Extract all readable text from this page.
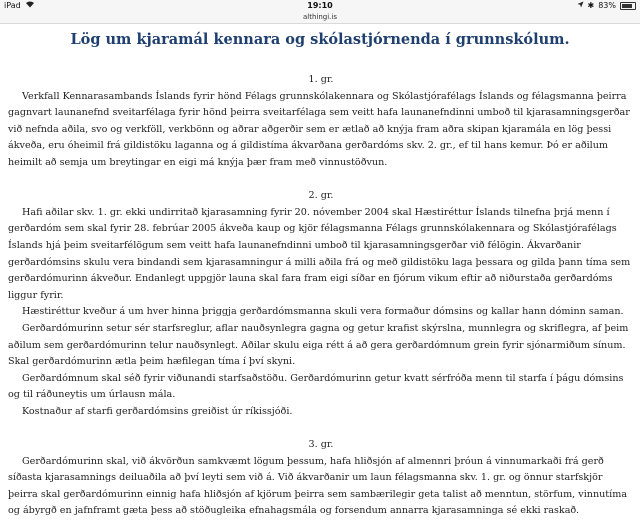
iPad	19:10	✱ 83%
althingi.is
Lög um kjaramál kennara og skólastjórnenda í grunnskólum.

1. gr.

Verkfall Kennarasambands Íslands fyrir hönd Félags grunnskólakennara og Skólastjórafélags Íslands og félagsmanna þeirra gagnvart launanefnd sveitarfélaga fyrir hönd þeirra sveitarfélaga sem veitt hafa launanefndinni umboð til kjarasamningsgerðar við nefnda aðila, svo og verkföll, verkbönn og aðrar aðgerðir sem er ætlað að knýja fram aðra skipan kjaramála en lög þessi ákveða, eru óheimil frá gildistöku laganna og á gildistíma ákvarðana gerðardóms skv. 2. gr., ef til hans kemur. Þó er aðilum heimilt að semja um breytingar en eigi má knýja þær fram með vinnustöðvun.

2. gr.

Hafi aðilar skv. 1. gr. ekki undirritað kjarasamning fyrir 20. nóvember 2004 skal Hæstiréttur Íslands tilnefna þrjá menn í gerðardóm sem skal fyrir 28. febrúar 2005 ákveða kaup og kjör félagsmanna Félags grunnskólakennara og Skólastjórafélags Íslands hjá þeim sveitarfélögum sem veitt hafa launanefndinni umboð til kjarasamningsgerðar við félögin. Ákvarðanir gerðardómsins skulu vera bindandi sem kjarasamningur á milli aðila frá og með gildistöku laga þessara og gilda þann tíma sem gerðardómurinn ákveður. Endanlegt uppgjör launa skal fara fram eigi síðar en fjórum vikum eftir að niðurstaða gerðardóms liggur fyrir.

Hæstiréttur kveður á um hver hinna þriggja gerðardómsmanna skuli vera formaður dómsins og kallar hann dóminn saman.

Gerðardómurinn setur sér starfsreglur, aflar nauðsynlegra gagna og getur krafist skýrslna, munnlegra og skriflegra, af þeim aðilum sem gerðardómurinn telur nauðsynlegt. Aðilar skulu eiga rétt á að gera gerðardómnum grein fyrir sjónarmiðum sínum. Skal gerðardómurinn ætla þeim hæfilegan tíma í því skyni.

Gerðardómnum skal séð fyrir viðunandi starfsaðstöðu. Gerðardómurinn getur kvatt sérfróða menn til starfa í þágu dómsins og til ráðuneytis um úrlausn mála.

Kostnaður af starfi gerðardómsins greiðist úr ríkissjóði.

3. gr.

Gerðardómurinn skal, við ákvörðun samkvæmt lögum þessum, hafa hliðsjón af almennri þróun á vinnumarkaði frá gerð síðasta kjarasamnings deiluaðila að því leyti sem við á. Við ákvarðanir um laun félagsmanna skv. 1. gr. og önnur starfskjör þeirra skal gerðardómurinn einnig hafa hliðsjón af kjörum þeirra sem sambærilegir geta talist að menntun, störfum, vinnutíma og ábyrgð en jafnframt gæta þess að stöðugleika efnahagsmála og forsendum annarra kjarasamninga sé ekki raskað.
